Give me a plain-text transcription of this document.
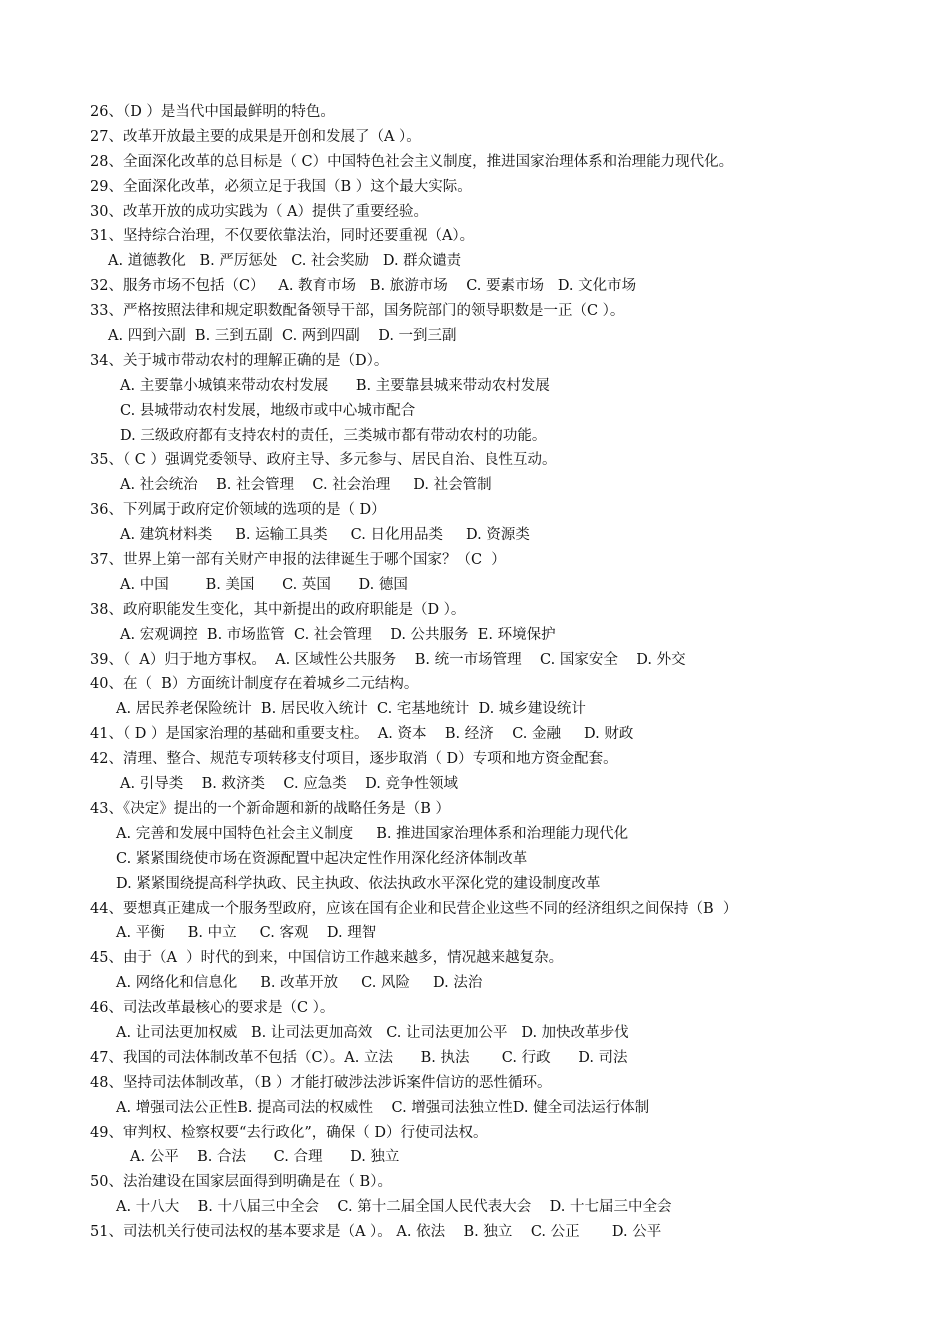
26、（D ）是当代中国最鲜明的特色。
27、改革开放最主要的成果是开创和发展了（A ）。
28、全面深化改革的总目标是（ C）中国特色社会主义制度，推进国家治理体系和治理能力现代化。
29、全面深化改革，必须立足于我国（B ）这个最大实际。
30、改革开放的成功实践为（ A）提供了重要经验。
31、坚持综合治理，不仅要依靠法治，同时还要重视（A）。
A. 道德教化   B. 严厉惩处   C. 社会奖励   D. 群众谴责
32、服务市场不包括（C）   A. 教育市场   B. 旅游市场    C. 要素市场   D. 文化市场
33、严格按照法律和规定职数配备领导干部，国务院部门的领导职数是一正（C ）。
A. 四到六副  B. 三到五副  C. 两到四副    D. 一到三副
34、关于城市带动农村的理解正确的是（D）。
A. 主要靠小城镇来带动农村发展      B. 主要靠县城来带动农村发展
C. 县城带动农村发展，地级市或中心城市配合
D. 三级政府都有支持农村的责任，三类城市都有带动农村的功能。
35、（ C ）强调党委领导、政府主导、多元参与、居民自治、良性互动。
A. 社会统治    B. 社会管理    C. 社会治理     D. 社会管制
36、下列属于政府定价领域的选项的是（ D）
A. 建筑材料类     B. 运输工具类     C. 日化用品类     D. 资源类
37、世界上第一部有关财产申报的法律诞生于哪个国家？（C  ）
A. 中国        B. 美国      C. 英国      D. 德国
38、政府职能发生变化，其中新提出的政府职能是（D ）。
A. 宏观调控  B. 市场监管  C. 社会管理    D. 公共服务  E. 环境保护
39、（  A）归于地方事权。  A. 区域性公共服务    B. 统一市场管理    C. 国家安全    D. 外交
40、在（  B）方面统计制度存在着城乡二元结构。
A. 居民养老保险统计  B. 居民收入统计  C. 宅基地统计  D. 城乡建设统计
41、（ D ）是国家治理的基础和重要支柱。  A. 资本    B. 经济    C. 金融     D. 财政
42、清理、整合、规范专项转移支付项目，逐步取消（ D）专项和地方资金配套。
A. 引导类    B. 救济类    C. 应急类    D. 竞争性领域
43、《决定》提出的一个新命题和新的战略任务是（B ）
A. 完善和发展中国特色社会主义制度     B. 推进国家治理体系和治理能力现代化
C. 紧紧围绕使市场在资源配置中起决定性作用深化经济体制改革
D. 紧紧围绕提高科学执政、民主执政、依法执政水平深化党的建设制度改革
44、要想真正建成一个服务型政府，应该在国有企业和民营企业这些不同的经济组织之间保持（B  ）
A. 平衡     B. 中立     C. 客观    D. 理智
45、由于（A  ）时代的到来，中国信访工作越来越多，情况越来越复杂。
A. 网络化和信息化     B. 改革开放     C. 风险     D. 法治
46、司法改革最核心的要求是（C ）。
A. 让司法更加权威   B. 让司法更加高效   C. 让司法更加公平   D. 加快改革步伐
47、我国的司法体制改革不包括（C）。A. 立法      B. 执法       C. 行政      D. 司法
48、坚持司法体制改革，（B ）才能打破涉法涉诉案件信访的恶性循环。
A. 增强司法公正性B. 提高司法的权威性    C. 增强司法独立性D. 健全司法运行体制
49、审判权、检察权要“去行政化”，确保（ D）行使司法权。
A. 公平    B. 合法      C. 合理      D. 独立
50、法治建设在国家层面得到明确是在（ B）。
A. 十八大    B. 十八届三中全会    C. 第十二届全国人民代表大会    D. 十七届三中全会
51、司法机关行使司法权的基本要求是（A ）。 A. 依法    B. 独立    C. 公正       D. 公平
